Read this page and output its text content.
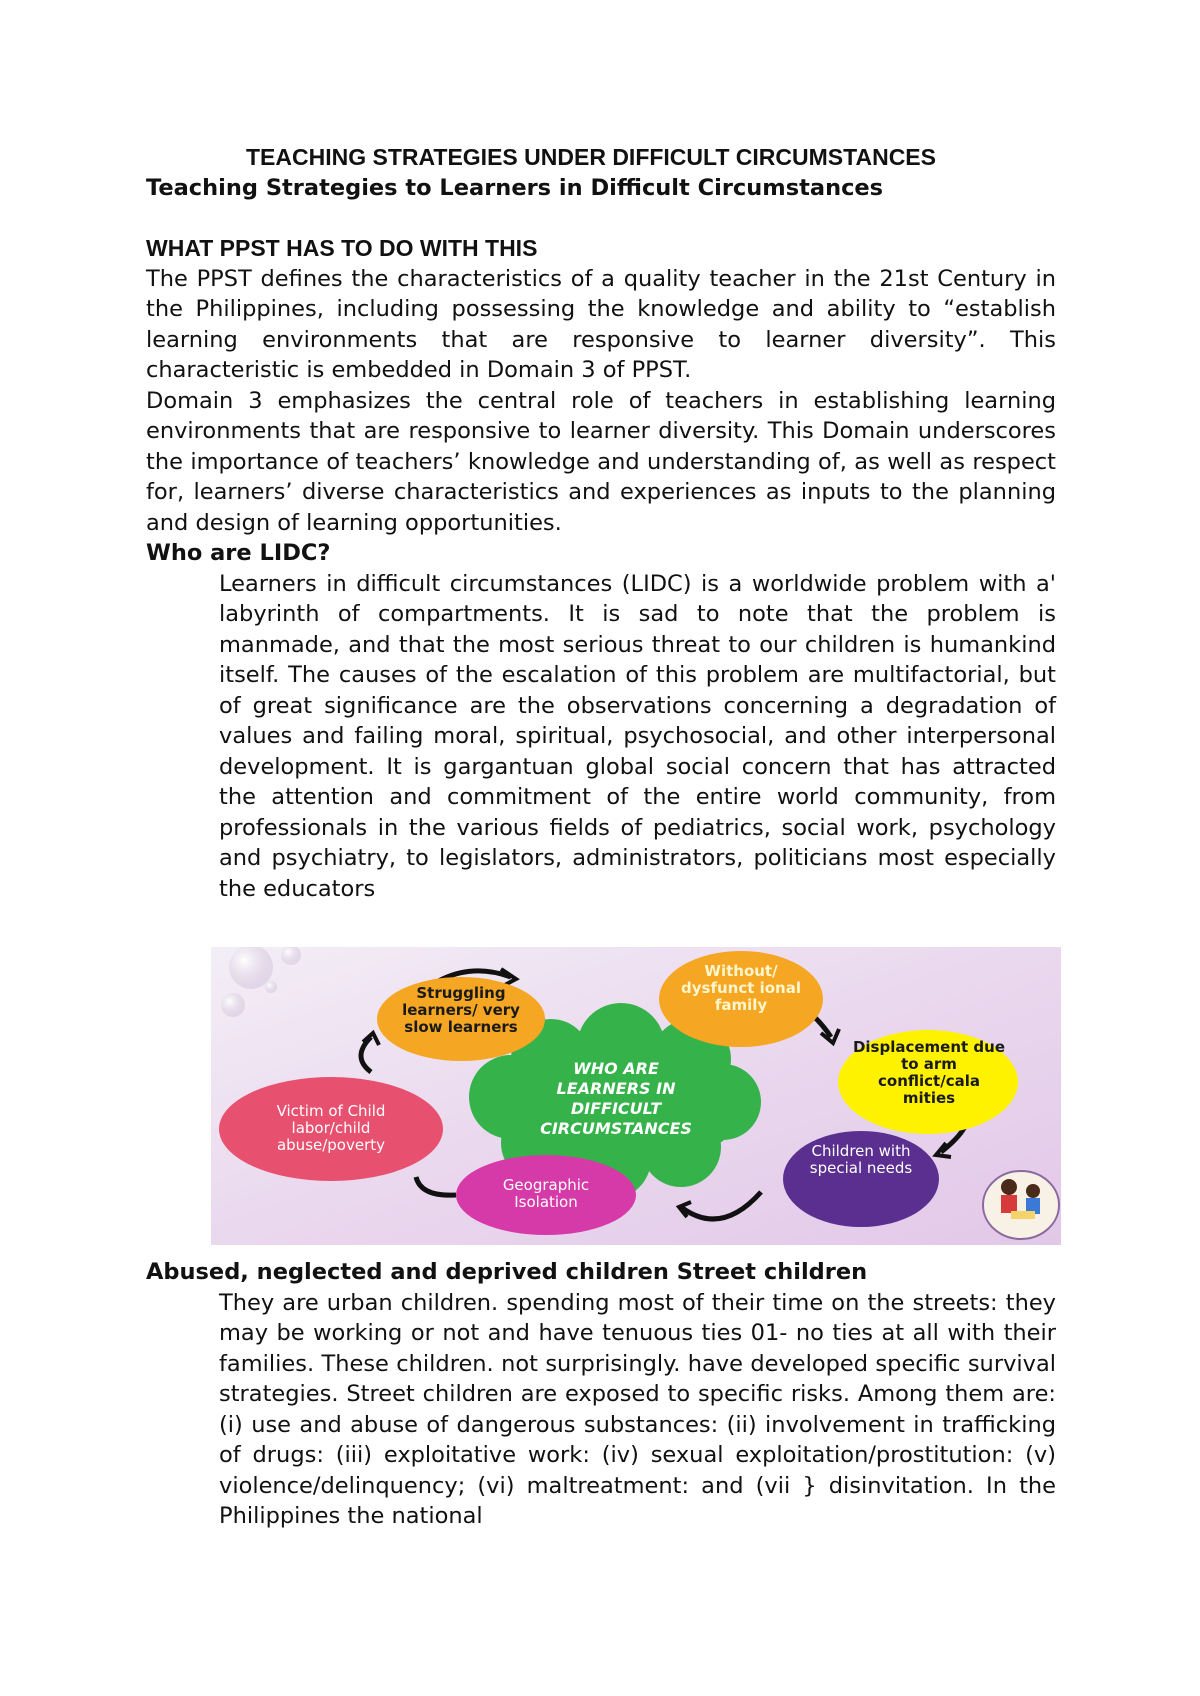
TEACHING STRATEGIES UNDER DIFFICULT CIRCUMSTANCES

Teaching Strategies to Learners in Difficult Circumstances

WHAT PPST HAS TO DO WITH THIS

The PPST defines the characteristics of a quality teacher in the 21st Century in the Philippines, including possessing the knowledge and ability to “establish learning environments that are responsive to learner diversity”. This characteristic is embedded in Domain 3 of PPST.

Domain 3 emphasizes the central role of teachers in establishing learning environments that are responsive to learner diversity. This Domain underscores the importance of teachers’ knowledge and understanding of, as well as respect for, learners’ diverse characteristics and experiences as inputs to the planning and design of learning opportunities.

Who are LIDC?

Learners in difficult circumstances (LIDC) is a worldwide problem with a' labyrinth of compartments. It is sad to note that the problem is manmade, and that the most serious threat to our children is humankind itself. The causes of the escalation of this problem are multifactorial, but of great significance are the observations concerning a degradation of values and failing moral, spiritual, psychosocial, and other interpersonal development. It is gargantuan global social concern that has attracted the attention and commitment of the entire world community, from professionals in the various fields of pediatrics, social work, psychology and psychiatry, to legislators, administrators, politicians most especially the educators

Struggling learners/ very slow learners
Without/ dysfunct ional family
Displacement due to arm conflict/cala mities
Children with special needs
Geographic Isolation
Victim of Child labor/child abuse/poverty
WHO ARE LEARNERS IN DIFFICULT CIRCUMSTANCES

Abused, neglected and deprived children Street children

They are urban children. spending most of their time on the streets: they may be working or not and have tenuous ties 01- no ties at all with their families. These children. not surprisingly. have developed specific survival strategies. Street children are exposed to specific risks. Among them are: (i) use and abuse of dangerous substances: (ii) involvement in trafficking of drugs: (iii) exploitative work: (iv) sexual exploitation/prostitution: (v) violence/delinquency; (vi) maltreatment: and (vii } disinvitation. In the Philippines the national
